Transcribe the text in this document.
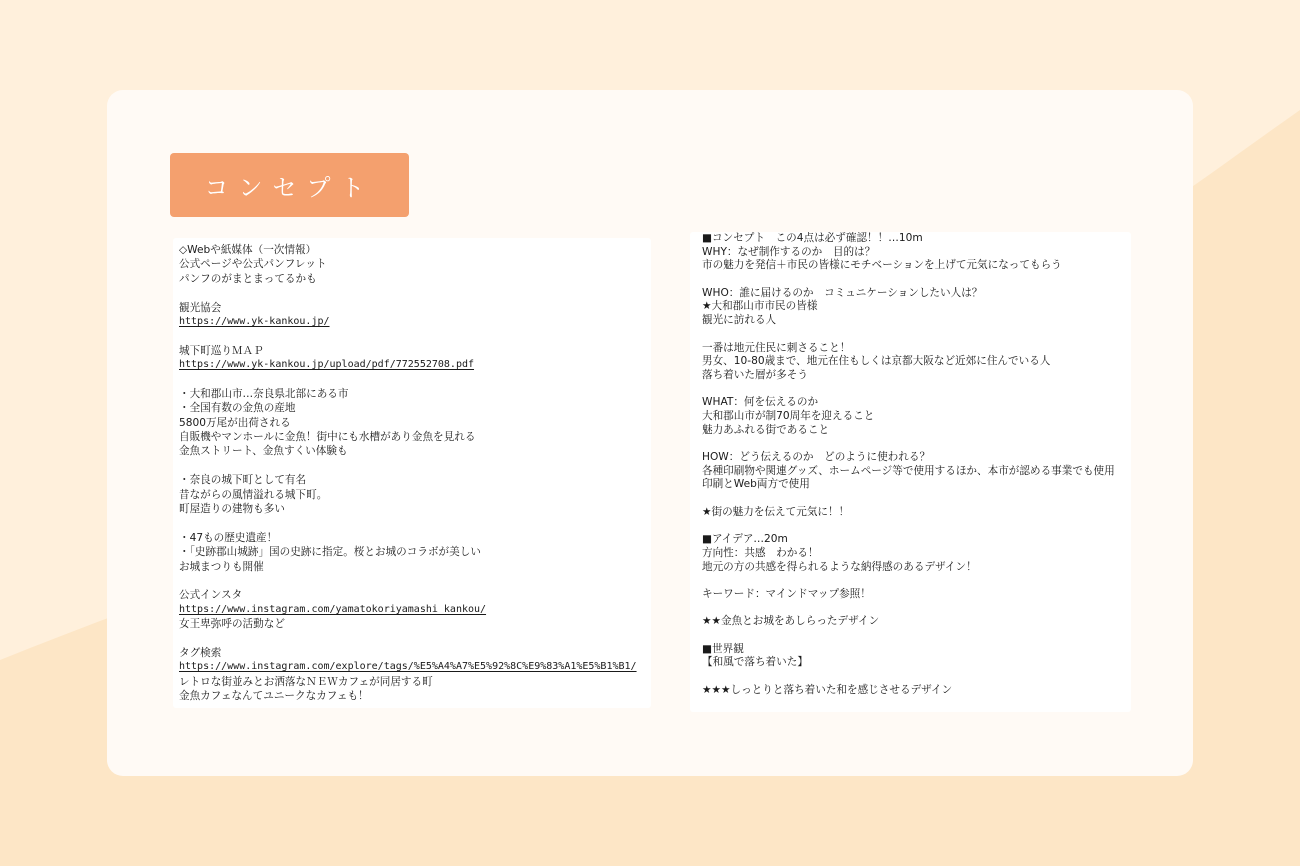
コンセプト
◇Webや紙媒体（一次情報）
公式ページや公式パンフレット
パンフのがまとまってるかも
観光協会
https://www.yk-kankou.jp/
城下町巡りＭＡＰ
https://www.yk-kankou.jp/upload/pdf/772552708.pdf
・大和郡山市…奈良県北部にある市
・全国有数の金魚の産地
5800万尾が出荷される
自販機やマンホールに金魚！街中にも水槽があり金魚を見れる
金魚ストリート、金魚すくい体験も
・奈良の城下町として有名
昔ながらの風情溢れる城下町。
町屋造りの建物も多い
・47もの歴史遺産！
・「史跡郡山城跡」国の史跡に指定。桜とお城のコラボが美しい
お城まつりも開催
公式インスタ
https://www.instagram.com/yamatokoriyamashi_kankou/
女王卑弥呼の活動など
タグ検索
https://www.instagram.com/explore/tags/%E5%A4%A7%E5%92%8C%E9%83%A1%E5%B1%B1/
レトロな街並みとお洒落なＮＥＷカフェが同居する町
金魚カフェなんてユニークなカフェも！
■コンセプト　この4点は必ず確認！！…10m
WHY：なぜ制作するのか　目的は？
市の魅力を発信＋市民の皆様にモチベーションを上げて元気になってもらう
WHO：誰に届けるのか　コミュニケーションしたい人は？
★大和郡山市市民の皆様
観光に訪れる人
一番は地元住民に刺さること！
男女、10-80歳まで、地元在住もしくは京都大阪など近郊に住んでいる人
落ち着いた層が多そう
WHAT：何を伝えるのか
大和郡山市が制70周年を迎えること
魅力あふれる街であること
HOW：どう伝えるのか　どのように使われる？
各種印刷物や関連グッズ、ホームページ等で使用するほか、本市が認める事業でも使用
印刷とWeb両方で使用
★街の魅力を伝えて元気に！！
■アイデア…20m
方向性：共感　わかる！
地元の方の共感を得られるような納得感のあるデザイン！
キーワード：マインドマップ参照！
★★金魚とお城をあしらったデザイン
■世界観
【和風で落ち着いた】
★★★しっとりと落ち着いた和を感じさせるデザイン
